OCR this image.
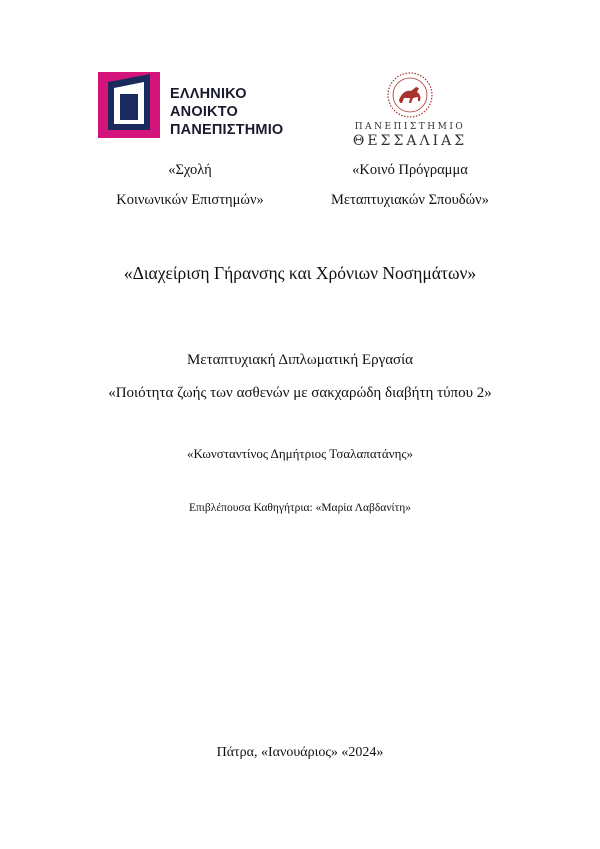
ΕΛΛΗΝΙΚΟ
ΑΝΟΙΚΤΟ
ΠΑΝΕΠΙΣΤΗΜΙΟ	ΠΑΝΕΠΙΣΤΗΜΙΟ
ΘΕΣΣΑΛΙΑΣ
«Σχολή
Κοινωνικών Επιστημών»
«Κοινό Πρόγραμμα
Μεταπτυχιακών Σπουδών»
«Διαχείριση Γήρανσης και Χρόνιων Νοσημάτων»
Μεταπτυχιακή Διπλωματική Εργασία
«Ποιότητα ζωής των ασθενών με σακχαρώδη διαβήτη τύπου 2»
«Κωνσταντίνος Δημήτριος Τσαλαπατάνης»
Επιβλέπουσα Καθηγήτρια: «Μαρία Λαβδανίτη»
Πάτρα, «Ιανουάριος» «2024»
